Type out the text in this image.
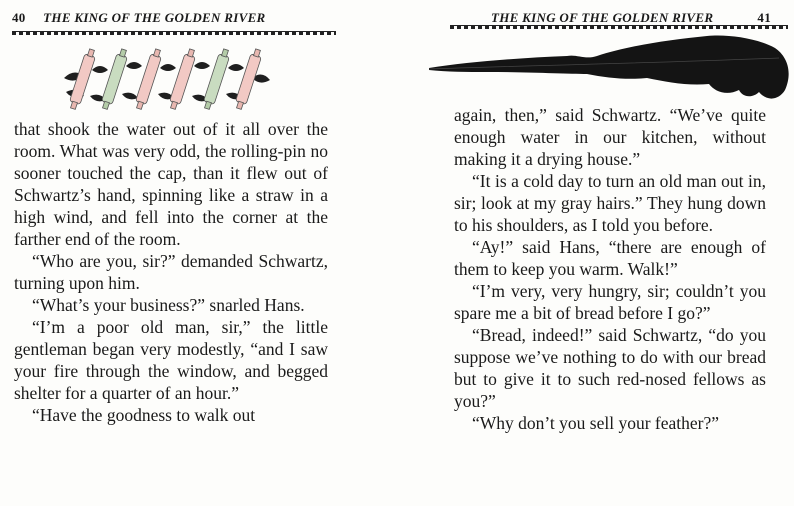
40 THE KING OF THE GOLDEN RIVER

that shook the water out of it all over the room. What was very odd, the rolling-pin no sooner touched the cap, than it flew out of Schwartz’s hand, spinning like a straw in a high wind, and fell into the corner at the farther end of the room.

“Who are you, sir?” demanded Schwartz, turning upon him.

“What’s your business?” snarled Hans.

“I’m a poor old man, sir,” the little gentleman began very modestly, “and I saw your fire through the window, and begged shelter for a quarter of an hour.”

“Have the goodness to walk out

THE KING OF THE GOLDEN RIVER	41

again, then,” said Schwartz. “We’ve quite enough water in our kitchen, without making it a drying house.”

“It is a cold day to turn an old man out in, sir; look at my gray hairs.” They hung down to his shoulders, as I told you before.

“Ay!” said Hans, “there are enough of them to keep you warm. Walk!”

“I’m very, very hungry, sir; couldn’t you spare me a bit of bread before I go?”

“Bread, indeed!” said Schwartz, “do you suppose we’ve nothing to do with our bread but to give it to such red-nosed fellows as you?”

“Why don’t you sell your feather?”
